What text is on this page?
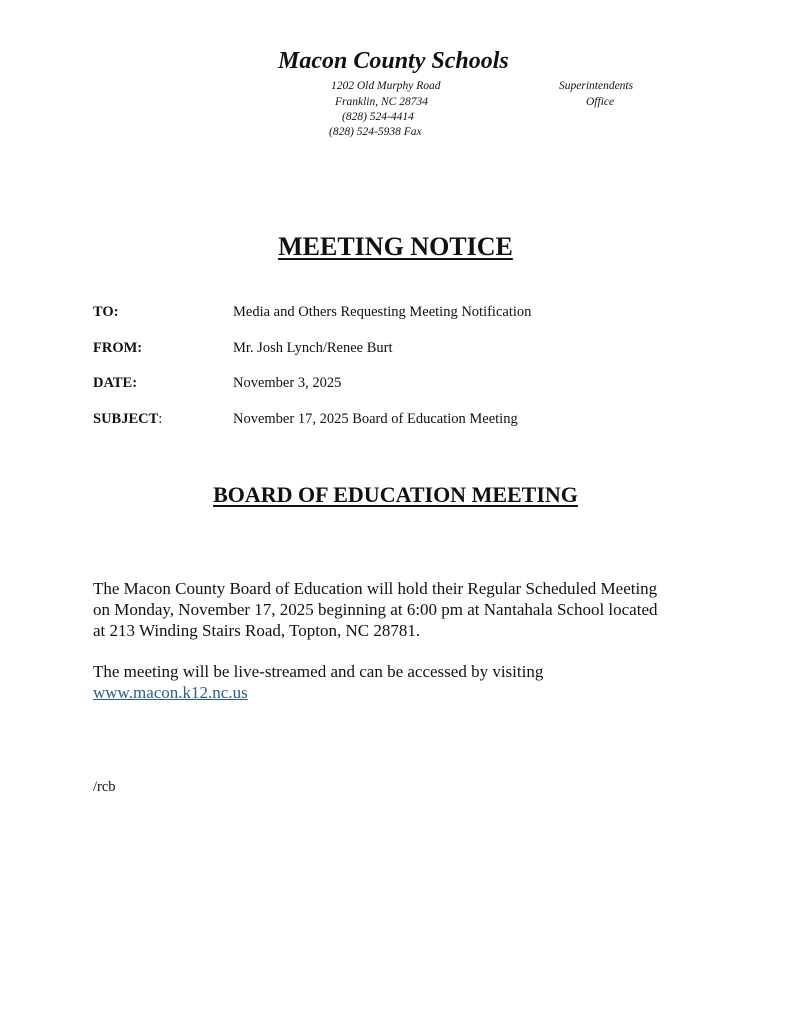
Macon County Schools
1202 Old Murphy Road
Franklin, NC 28734
(828) 524-4414
(828) 524-5938 Fax
Superintendents
Office
MEETING NOTICE
TO:	Media and Others Requesting Meeting Notification
FROM:	Mr. Josh Lynch/Renee Burt
DATE:	November 3, 2025
SUBJECT:	November 17, 2025 Board of Education Meeting
BOARD OF EDUCATION MEETING
The Macon County Board of Education will hold their Regular Scheduled Meeting
on Monday, November 17, 2025 beginning at 6:00 pm at Nantahala School located
at 213 Winding Stairs Road, Topton, NC 28781.
The meeting will be live-streamed and can be accessed by visiting
www.macon.k12.nc.us
/rcb
